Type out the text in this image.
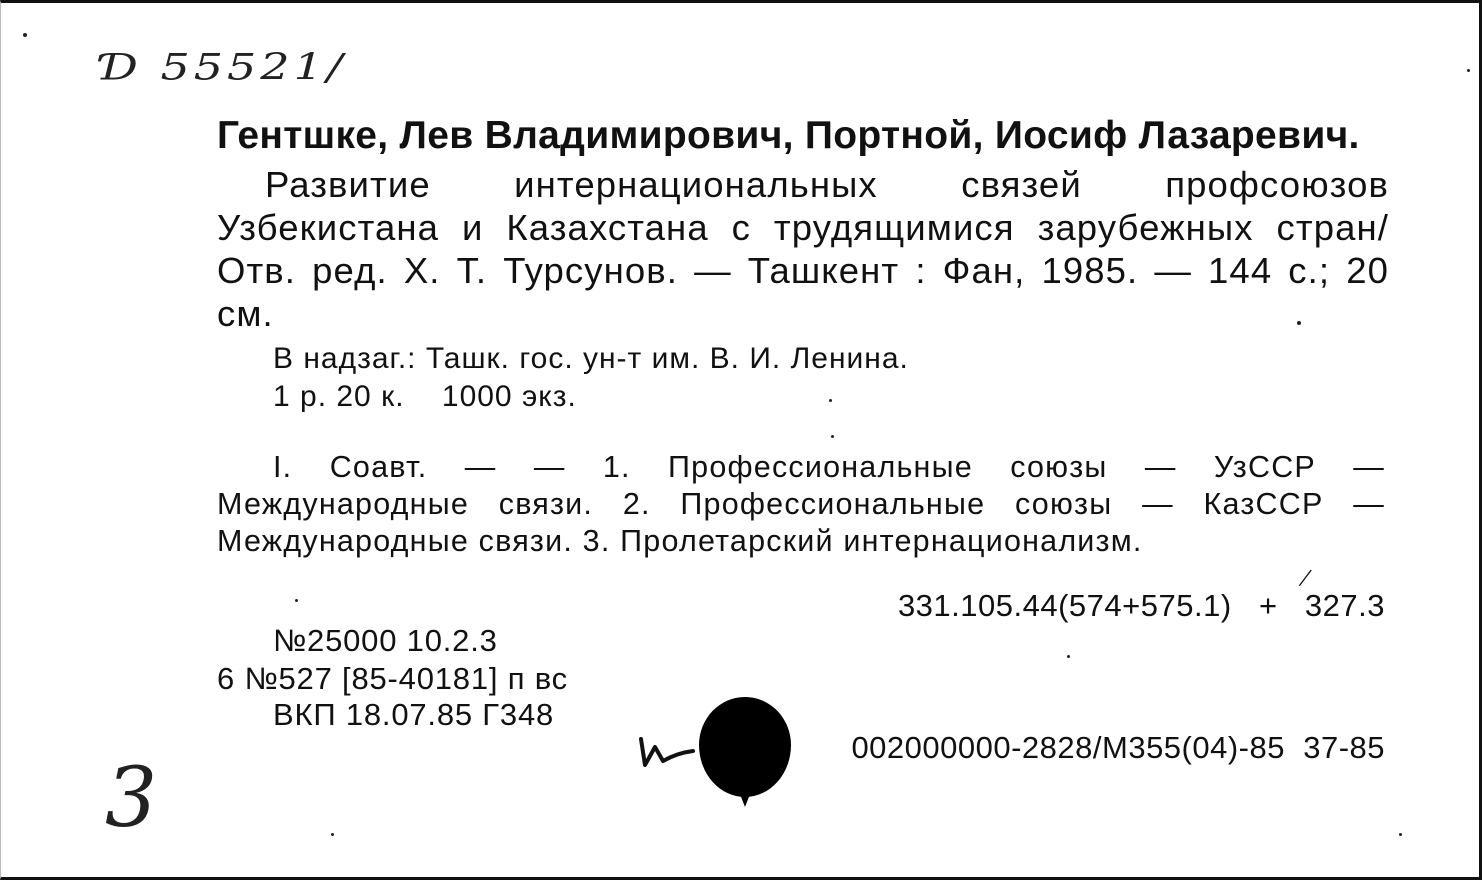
Ɗ 55521/
Гентшке, Лев Владимирович, Портной, Иосиф Лазаревич.

Развитие интернациональных связей профсоюзов Узбекистана и Казахстана с трудящимися зарубежных стран/ Отв. ред. Х. Т. Турсунов. — Ташкент : Фан, 1985. — 144 с.; 20 см.

В надзаг.: Ташк. гос. ун-т им. В. И. Ленина.
1 р. 20 к.    1000 экз.

I. Соавт. — — 1. Профессиональные союзы — УзССР — Международные связи. 2. Профессиональные союзы — КазССР — Международные связи. 3. Пролетарский интернационализм.

/
331.105.44(574+575.1)   +   327.3
№25000 10.2.3
6 №527 [85-40181] п вс
ВКП 18.07.85 Г348
002000000-2828/М355(04)-85  37-85
3
